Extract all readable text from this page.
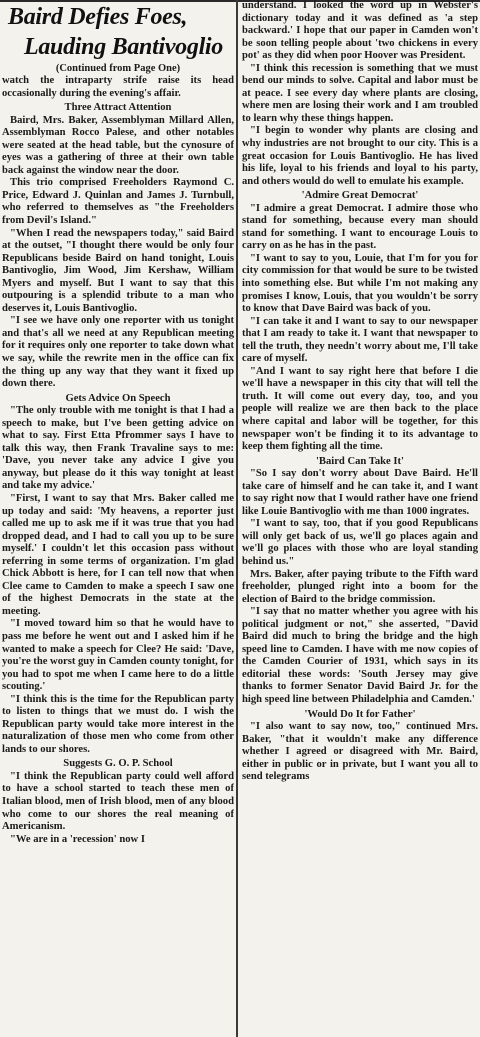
Baird Defies Foes,
Lauding Bantivoglio
(Continued from Page One)
watch the intraparty strife raise its head occasionally during the evening's affair.
Three Attract Attention
Baird, Mrs. Baker, Assemblyman Millard Allen, Assemblyman Rocco Palese, and other notables were seated at the head table, but the cynosure of eyes was a gathering of three at their own table back against the window near the door.
This trio comprised Freeholders Raymond C. Price, Edward J. Quinlan and James J. Turnbull, who referred to themselves as "the Freeholders from Devil's Island."
"When I read the newspapers today," said Baird at the outset, "I thought there would be only four Republicans beside Baird on hand tonight, Louis Bantivoglio, Jim Wood, Jim Kershaw, William Myers and myself. But I want to say that this outpouring is a splendid tribute to a man who deserves it, Louis Bantivoglio.
"I see we have only one reporter with us tonight and that's all we need at any Republican meeting for it requires only one reporter to take down what we say, while the rewrite men in the office can fix the thing up any way that they want it fixed up down there.
Gets Advice On Speech
"The only trouble with me tonight is that I had a speech to make, but I've been getting advice on what to say. First Etta Pfrommer says I have to talk this way, then Frank Travaline says to me: 'Dave, you never take any advice I give you anyway, but please do it this way tonight at least and take my advice.'
"First, I want to say that Mrs. Baker called me up today and said: 'My heavens, a reporter just called me up to ask me if it was true that you had dropped dead, and I had to call you up to be sure myself.' I couldn't let this occasion pass without referring in some terms of organization. I'm glad Chick Abbott is here, for I can tell now that when Clee came to Camden to make a speech I saw one of the highest Democrats in the state at the meeting.
"I moved toward him so that he would have to pass me before he went out and I asked him if he wanted to make a speech for Clee? He said: 'Dave, you're the worst guy in Camden county tonight, for you had to spot me when I came here to do a little scouting.'
"I think this is the time for the Republican party to listen to things that we must do. I wish the Republican party would take more interest in the naturalization of those men who come from other lands to our shores.
Suggests G. O. P. School
"I think the Republican party could well afford to have a school started to teach these men of Italian blood, men of Irish blood, men of any blood who come to our shores the real meaning of Americanism.
"We are in a 'recession' now I
understand. I looked the word up in Webster's dictionary today and it was defined as 'a step backward.' I hope that our paper in Camden won't be soon telling people about 'two chickens in every pot' as they did when poor Hoover was President.
"I think this recession is something that we must bend our minds to solve. Capital and labor must be at peace. I see every day where plants are closing, where men are losing their work and I am troubled to learn why these things happen.
"I begin to wonder why plants are closing and why industries are not brought to our city. This is a great occasion for Louis Bantivoglio. He has lived his life, loyal to his friends and loyal to his party, and others would do well to emulate his example.
'Admire Great Democrat'
"I admire a great Democrat. I admire those who stand for something, because every man should stand for something. I want to encourage Louis to carry on as he has in the past.
"I want to say to you, Louie, that I'm for you for city commission for that would be sure to be twisted into something else. But while I'm not making any promises I know, Louis, that you wouldn't be sorry to know that Dave Baird was back of you.
"I can take it and I want to say to our newspaper that I am ready to take it. I want that newspaper to tell the truth, they needn't worry about me, I'll take care of myself.
"And I want to say right here that before I die we'll have a newspaper in this city that will tell the truth. It will come out every day, too, and you people will realize we are then back to the place where capital and labor will be together, for this newspaper won't be finding it to its advantage to keep them fighting all the time.
'Baird Can Take It'
"So I say don't worry about Dave Baird. He'll take care of himself and he can take it, and I want to say right now that I would rather have one friend like Louie Bantivoglio with me than 1000 ingrates.
"I want to say, too, that if you good Republicans will only get back of us, we'll go places again and we'll go places with those who are loyal standing behind us."
Mrs. Baker, after paying tribute to the Fifth ward freeholder, plunged right into a boom for the election of Baird to the bridge commission.
"I say that no matter whether you agree with his political judgment or not," she asserted, "David Baird did much to bring the bridge and the high speed line to Camden. I have with me now copies of the Camden Courier of 1931, which says in its editorial these words: 'South Jersey may give thanks to former Senator David Baird Jr. for the high speed line between Philadelphia and Camden.'
'Would Do It for Father'
"I also want to say now, too," continued Mrs. Baker, "that it wouldn't make any difference whether I agreed or disagreed with Mr. Baird, either in public or in private, but I want you all to send telegrams
